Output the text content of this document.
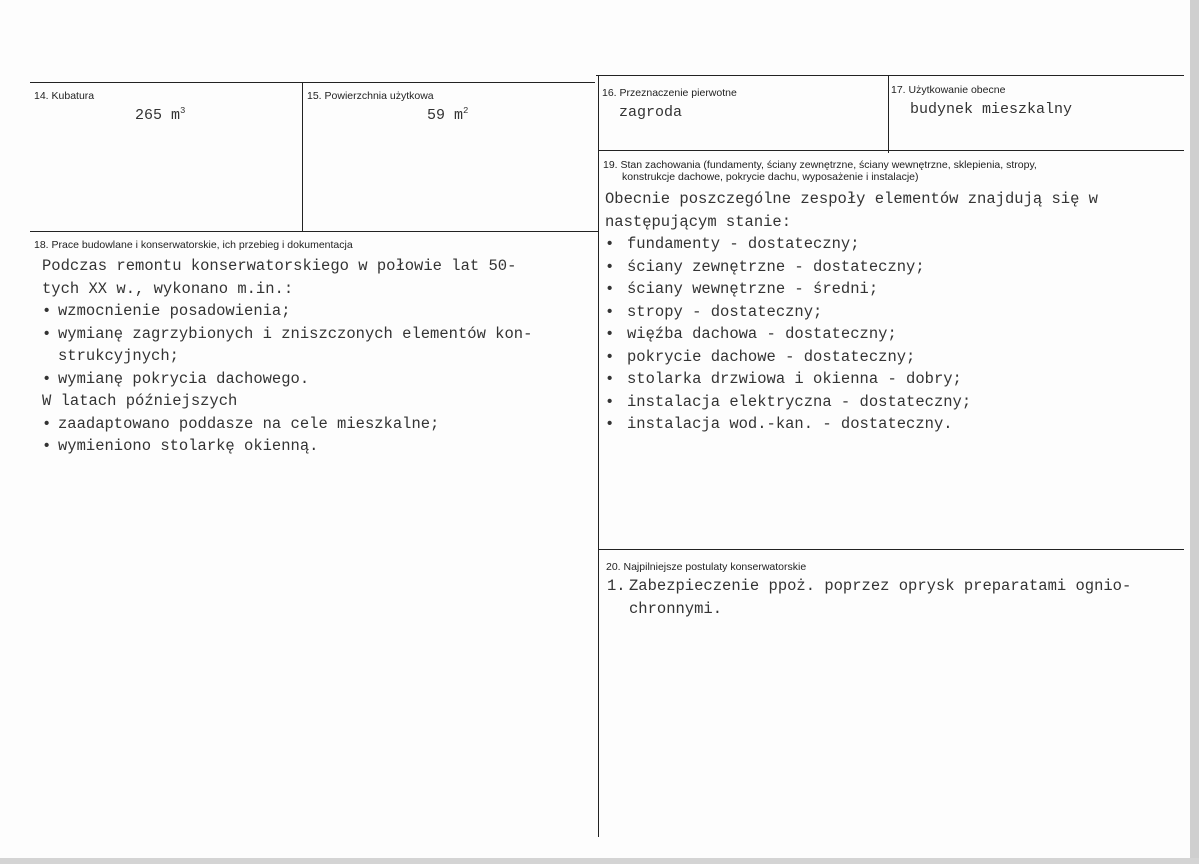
14. Kubatura
265 $m^3$
15. Powierzchnia użytkowa
59 $m^2$
16. Przeznaczenie pierwotne
zagroda
17. Użytkowanie obecne
budynek mieszkalny
18. Prace budowlane i konserwatorskie, ich przebieg i dokumentacja

Podczas remontu konserwatorskiego w połowie lat 50-

tych XX w., wykonano m.in.:

• wzmocnienie posadowienia;
• wymianę zagrzybionych i zniszczonych elementów kon-
strukcyjnych;
• wymianę pokrycia dachowego.

W latach późniejszych

• zaadaptowano poddasze na cele mieszkalne;
• wymieniono stolarkę okienną.
19. Stan zachowania (fundamenty, ściany zewnętrzne, ściany wewnętrzne, sklepienia, stropy,
konstrukcje dachowe, pokrycie dachu, wyposażenie i instalacje)

Obecnie poszczególne zespoły elementów znajdują się w

następującym stanie:

• fundamenty - dostateczny;
• ściany zewnętrzne - dostateczny;
• ściany wewnętrzne - średni;
• stropy - dostateczny;
• więźba dachowa - dostateczny;
• pokrycie dachowe - dostateczny;
• stolarka drzwiowa i okienna - dobry;
• instalacja elektryczna - dostateczny;
• instalacja wod.-kan. - dostateczny.
20. Najpilniejsze postulaty konserwatorskie
1. Zabezpieczenie ppoż. poprzez oprysk preparatami ognio-
chronnymi.
